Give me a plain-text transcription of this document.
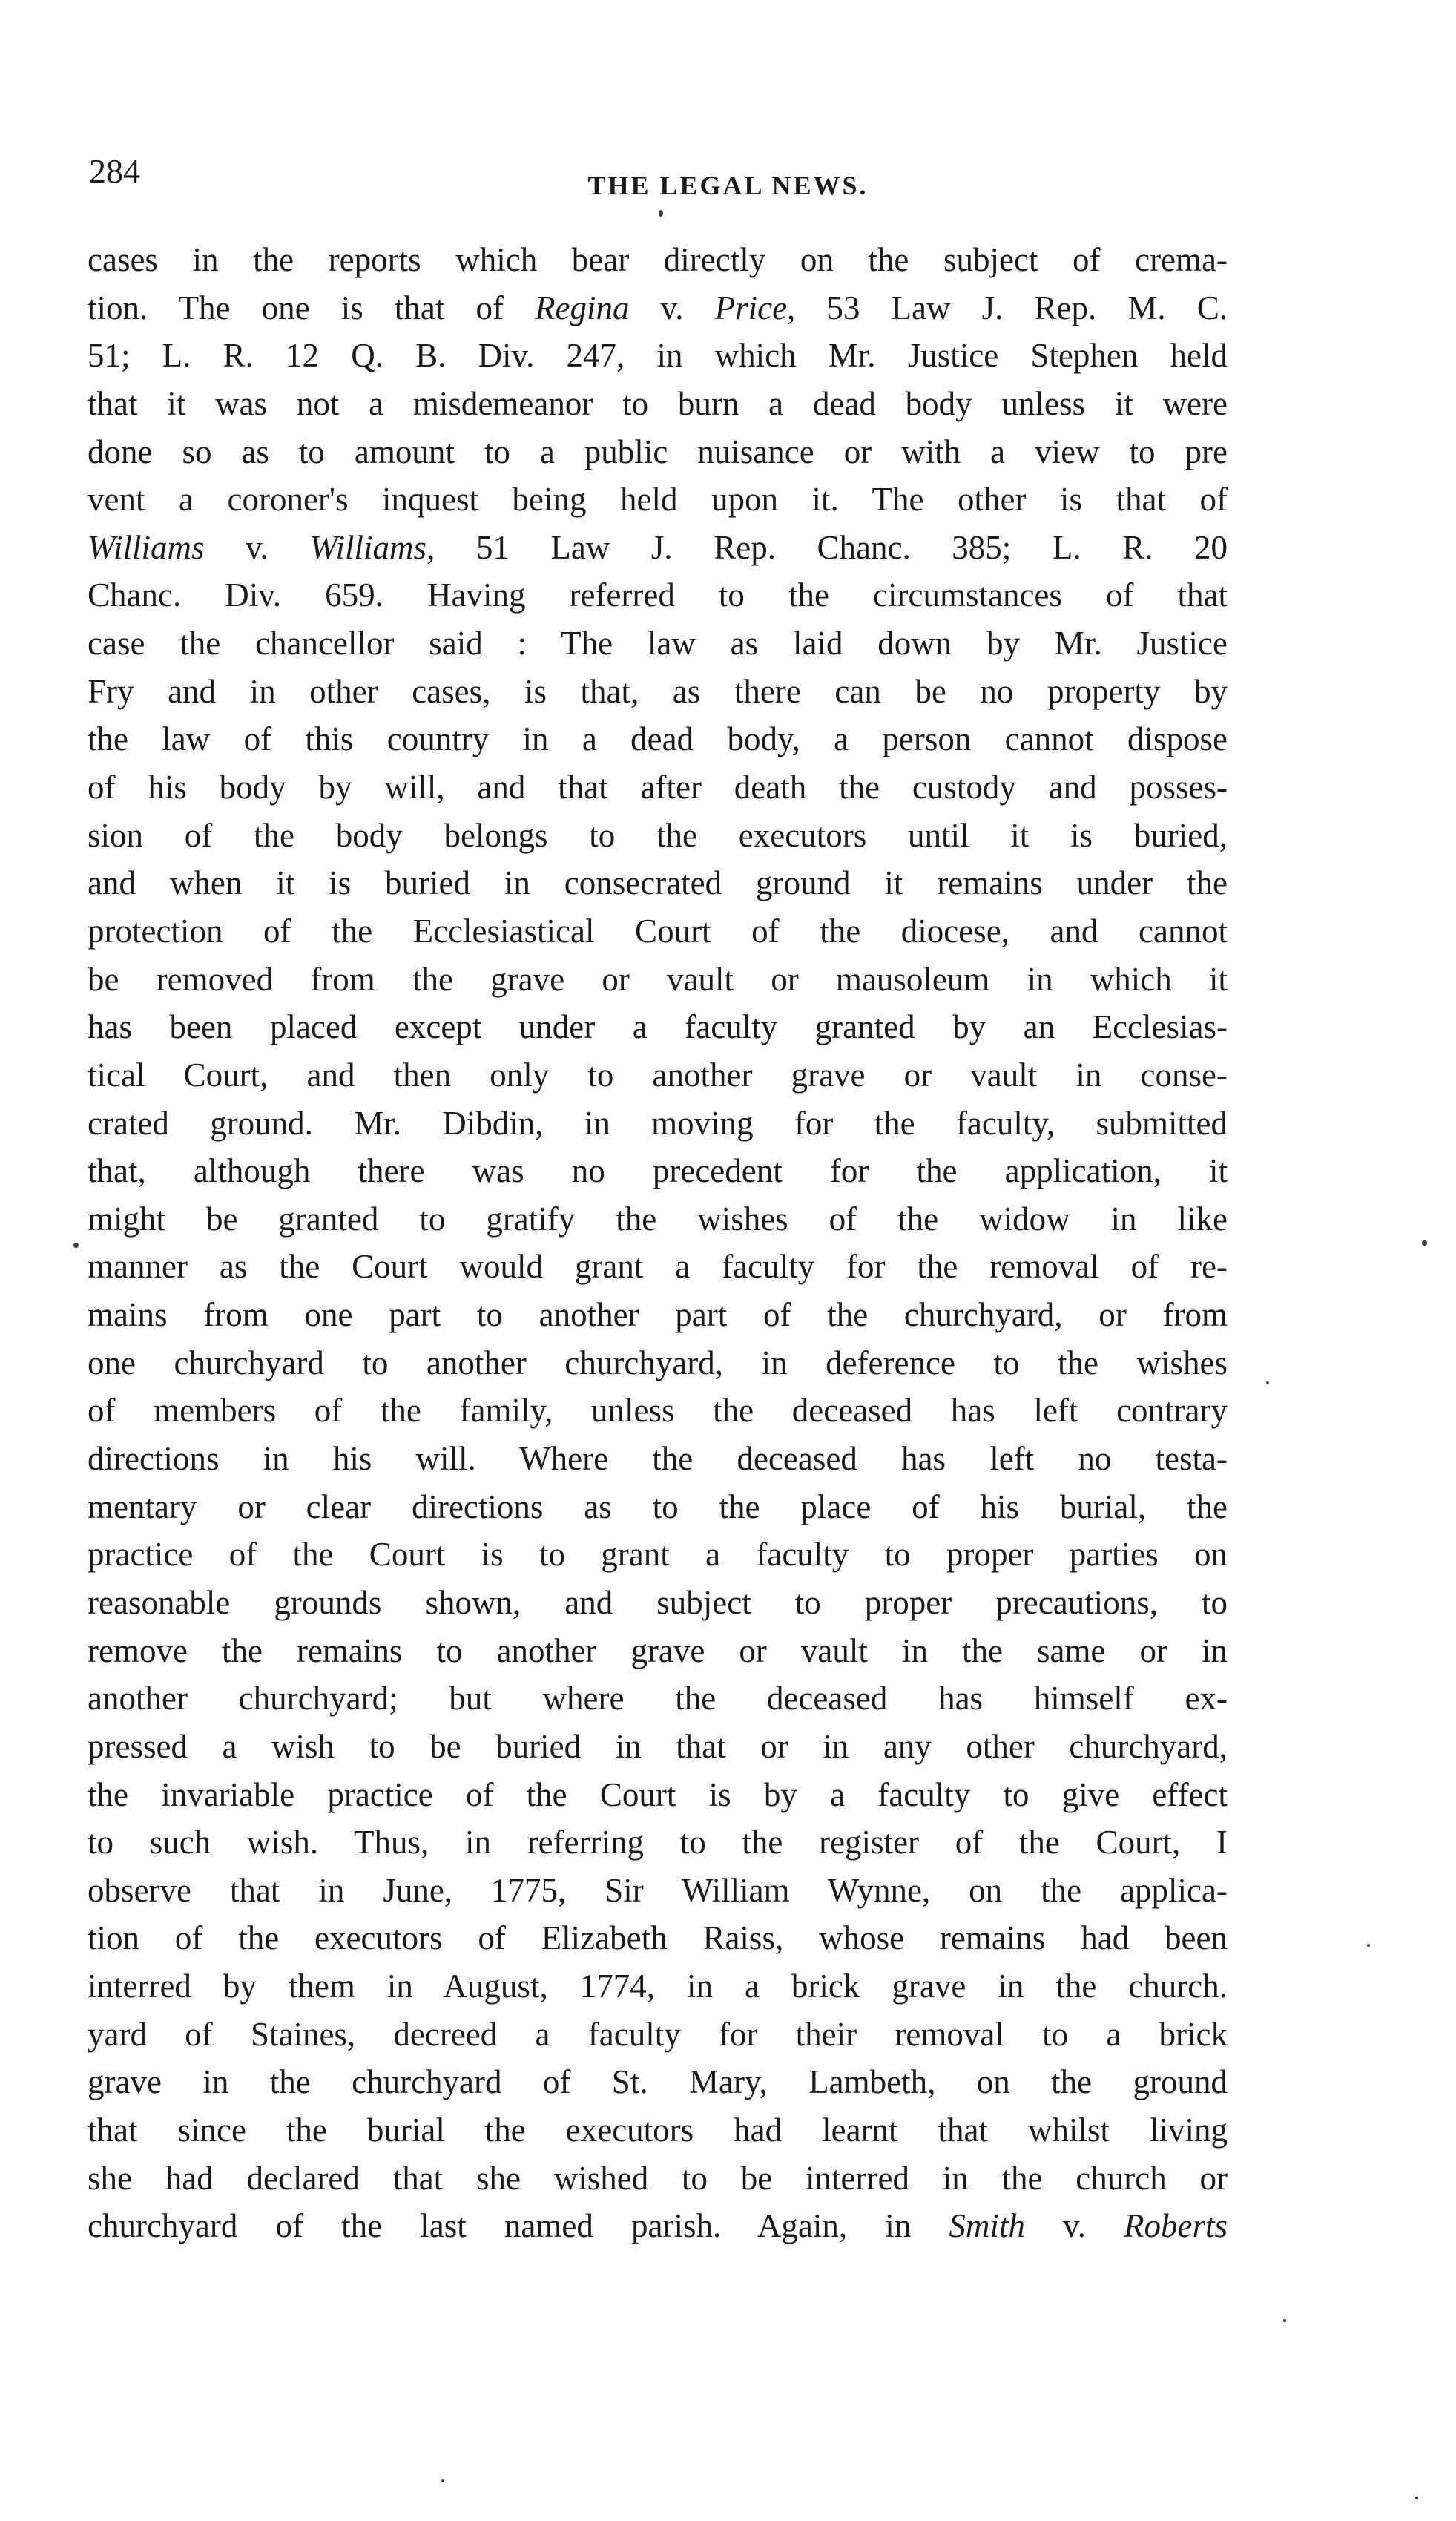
284	THE LEGAL NEWS.
cases in the reports which bear directly on the subject of crema-
tion. The one is that of Regina v. Price, 53 Law J. Rep. M. C.
51; L. R. 12 Q. B. Div. 247, in which Mr. Justice Stephen held
that it was not a misdemeanor to burn a dead body unless it were
done so as to amount to a public nuisance or with a view to pre
vent a coroner's inquest being held upon it. The other is that of
Williams v. Williams, 51 Law J. Rep. Chanc. 385; L. R. 20
Chanc. Div. 659. Having referred to the circumstances of that
case the chancellor said : The law as laid down by Mr. Justice
Fry and in other cases, is that, as there can be no property by
the law of this country in a dead body, a person cannot dispose
of his body by will, and that after death the custody and posses-
sion of the body belongs to the executors until it is buried,
and when it is buried in consecrated ground it remains under the
protection of the Ecclesiastical Court of the diocese, and cannot
be removed from the grave or vault or mausoleum in which it
has been placed except under a faculty granted by an Ecclesias-
tical Court, and then only to another grave or vault in conse-
crated ground. Mr. Dibdin, in moving for the faculty, submitted
that, although there was no precedent for the application, it
might be granted to gratify the wishes of the widow in like
manner as the Court would grant a faculty for the removal of re-
mains from one part to another part of the churchyard, or from
one churchyard to another churchyard, in deference to the wishes
of members of the family, unless the deceased has left contrary
directions in his will. Where the deceased has left no testa-
mentary or clear directions as to the place of his burial, the
practice of the Court is to grant a faculty to proper parties on
reasonable grounds shown, and subject to proper precautions, to
remove the remains to another grave or vault in the same or in
another churchyard; but where the deceased has himself ex-
pressed a wish to be buried in that or in any other churchyard,
the invariable practice of the Court is by a faculty to give effect
to such wish. Thus, in referring to the register of the Court, I
observe that in June, 1775, Sir William Wynne, on the applica-
tion of the executors of Elizabeth Raiss, whose remains had been
interred by them in August, 1774, in a brick grave in the church.
yard of Staines, decreed a faculty for their removal to a brick
grave in the churchyard of St. Mary, Lambeth, on the ground
that since the burial the executors had learnt that whilst living
she had declared that she wished to be interred in the church or
churchyard of the last named parish. Again, in Smith v. Roberts
